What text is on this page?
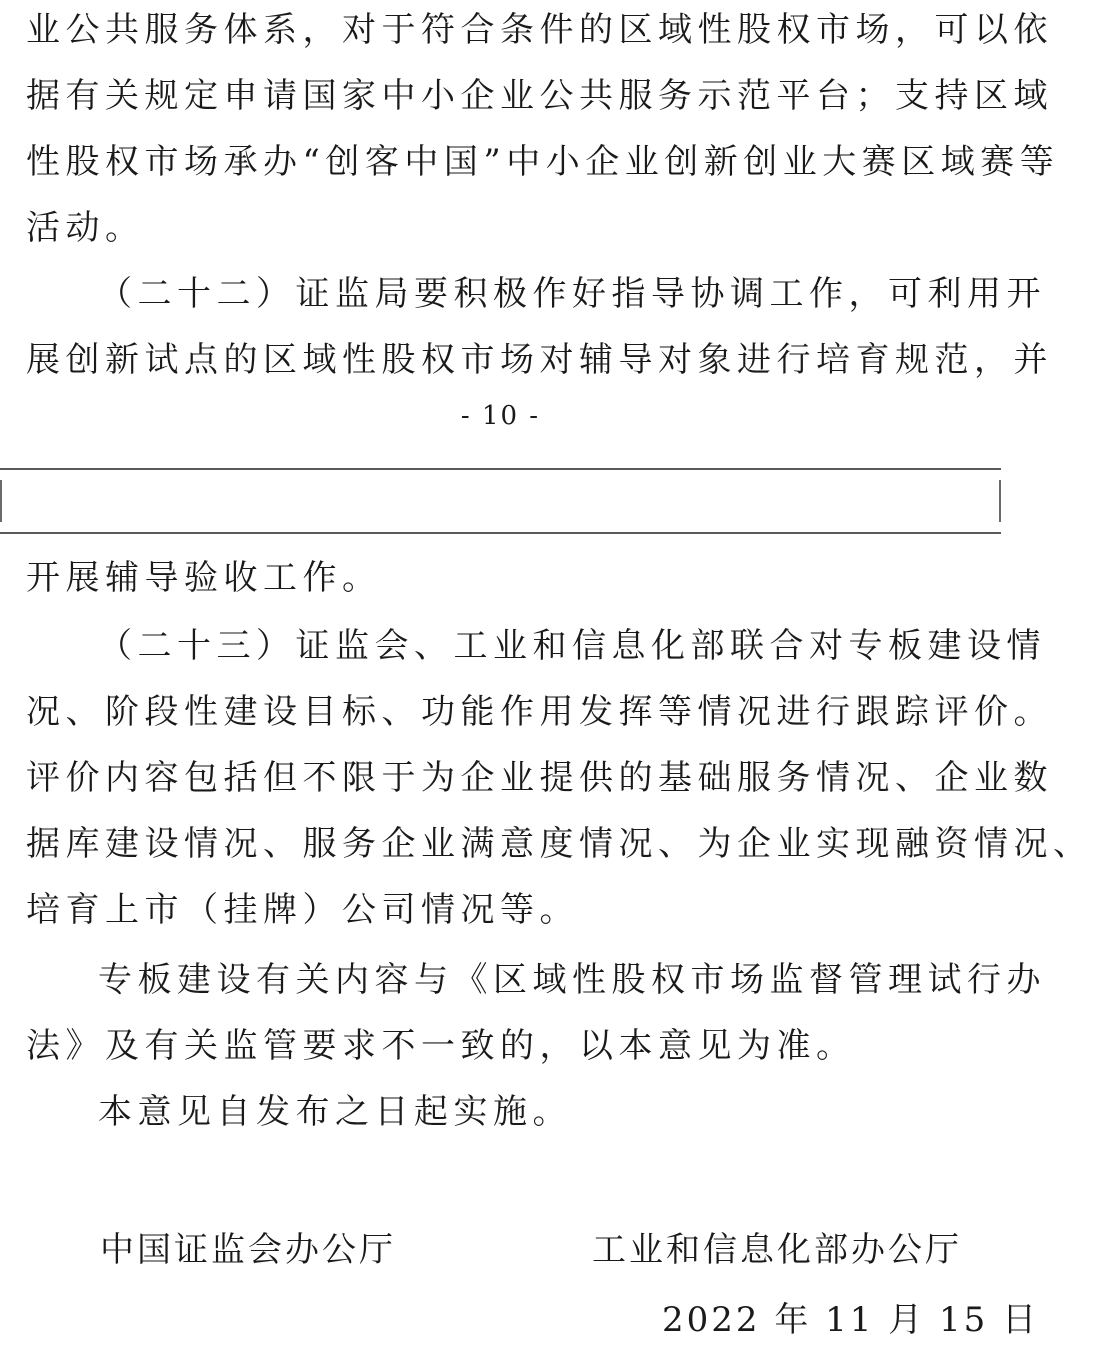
业公共服务体系，对于符合条件的区域性股权市场，可以依
据有关规定申请国家中小企业公共服务示范平台；支持区域
性股权市场承办“创客中国”中小企业创新创业大赛区域赛等
活动。
（二十二）证监局要积极作好指导协调工作，可利用开
展创新试点的区域性股权市场对辅导对象进行培育规范，并
- 10 -
开展辅导验收工作。
（二十三）证监会、工业和信息化部联合对专板建设情
况、阶段性建设目标、功能作用发挥等情况进行跟踪评价。
评价内容包括但不限于为企业提供的基础服务情况、企业数
据库建设情况、服务企业满意度情况、为企业实现融资情况、
培育上市（挂牌）公司情况等。
专板建设有关内容与《区域性股权市场监督管理试行办
法》及有关监管要求不一致的，以本意见为准。
本意见自发布之日起实施。
中国证监会办公厅	工业和信息化部办公厅
2022 年 11 月 15 日
